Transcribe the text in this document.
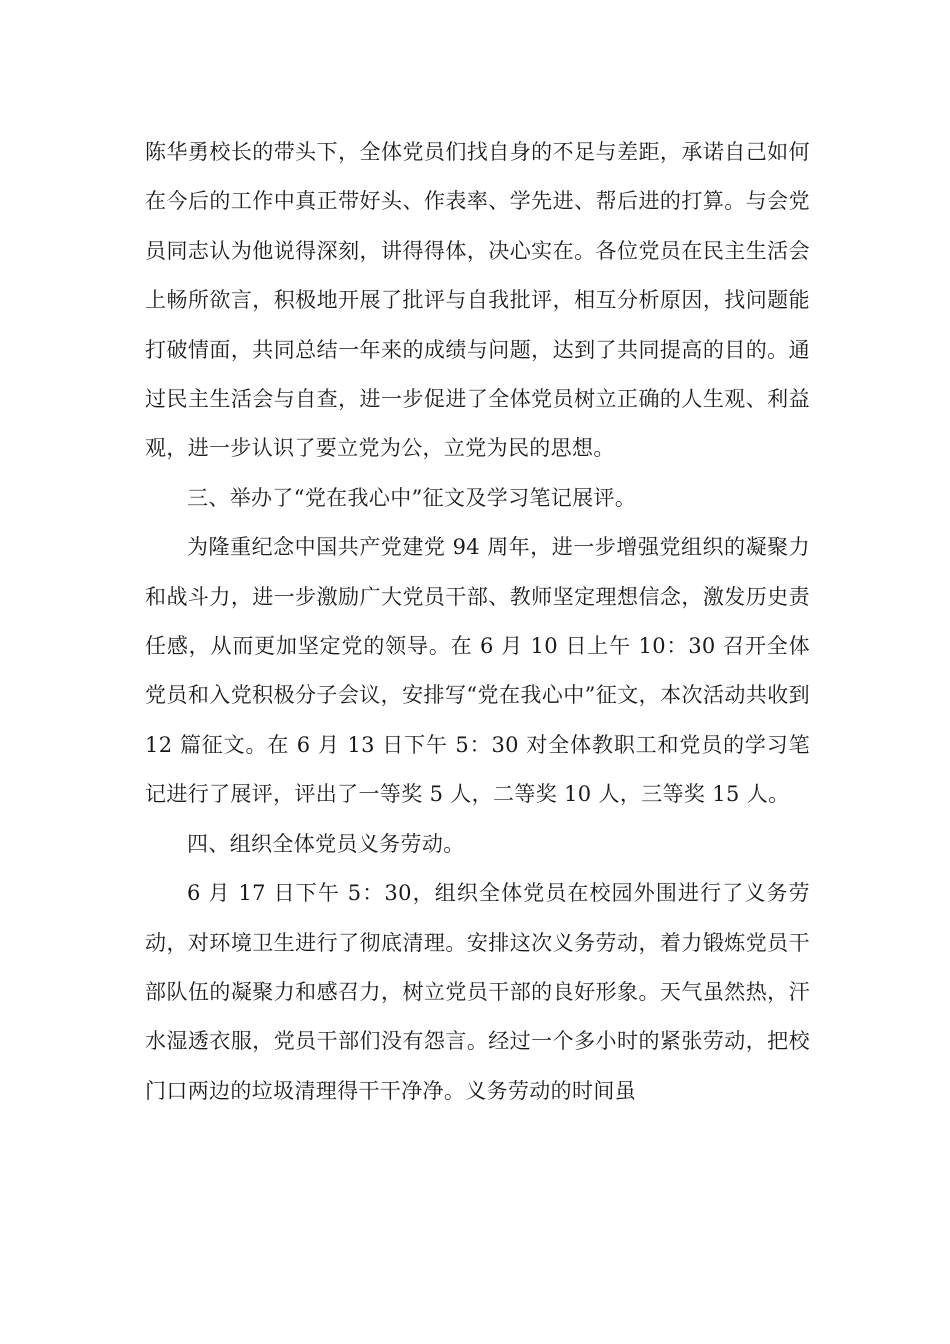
陈华勇校长的带头下，全体党员们找自身的不足与差距，承诺自己如何在今后的工作中真正带好头、作表率、学先进、帮后进的打算。与会党员同志认为他说得深刻，讲得得体，决心实在。各位党员在民主生活会上畅所欲言，积极地开展了批评与自我批评，相互分析原因，找问题能打破情面，共同总结一年来的成绩与问题，达到了共同提高的目的。通过民主生活会与自查，进一步促进了全体党员树立正确的人生观、利益观，进一步认识了要立党为公，立党为民的思想。

三、举办了“党在我心中”征文及学习笔记展评。

为隆重纪念中国共产党建党 94 周年，进一步增强党组织的凝聚力和战斗力，进一步激励广大党员干部、教师坚定理想信念，激发历史责任感，从而更加坚定党的领导。在 6 月 10 日上午 10：30 召开全体党员和入党积极分子会议，安排写“党在我心中”征文，本次活动共收到 12 篇征文。在 6 月 13 日下午 5：30 对全体教职工和党员的学习笔记进行了展评，评出了一等奖 5 人，二等奖 10 人，三等奖 15 人。

四、组织全体党员义务劳动。

6 月 17 日下午 5：30，组织全体党员在校园外围进行了义务劳动，对环境卫生进行了彻底清理。安排这次义务劳动，着力锻炼党员干部队伍的凝聚力和感召力，树立党员干部的良好形象。天气虽然热，汗水湿透衣服，党员干部们没有怨言。经过一个多小时的紧张劳动，把校门口两边的垃圾清理得干干净净。义务劳动的时间虽
